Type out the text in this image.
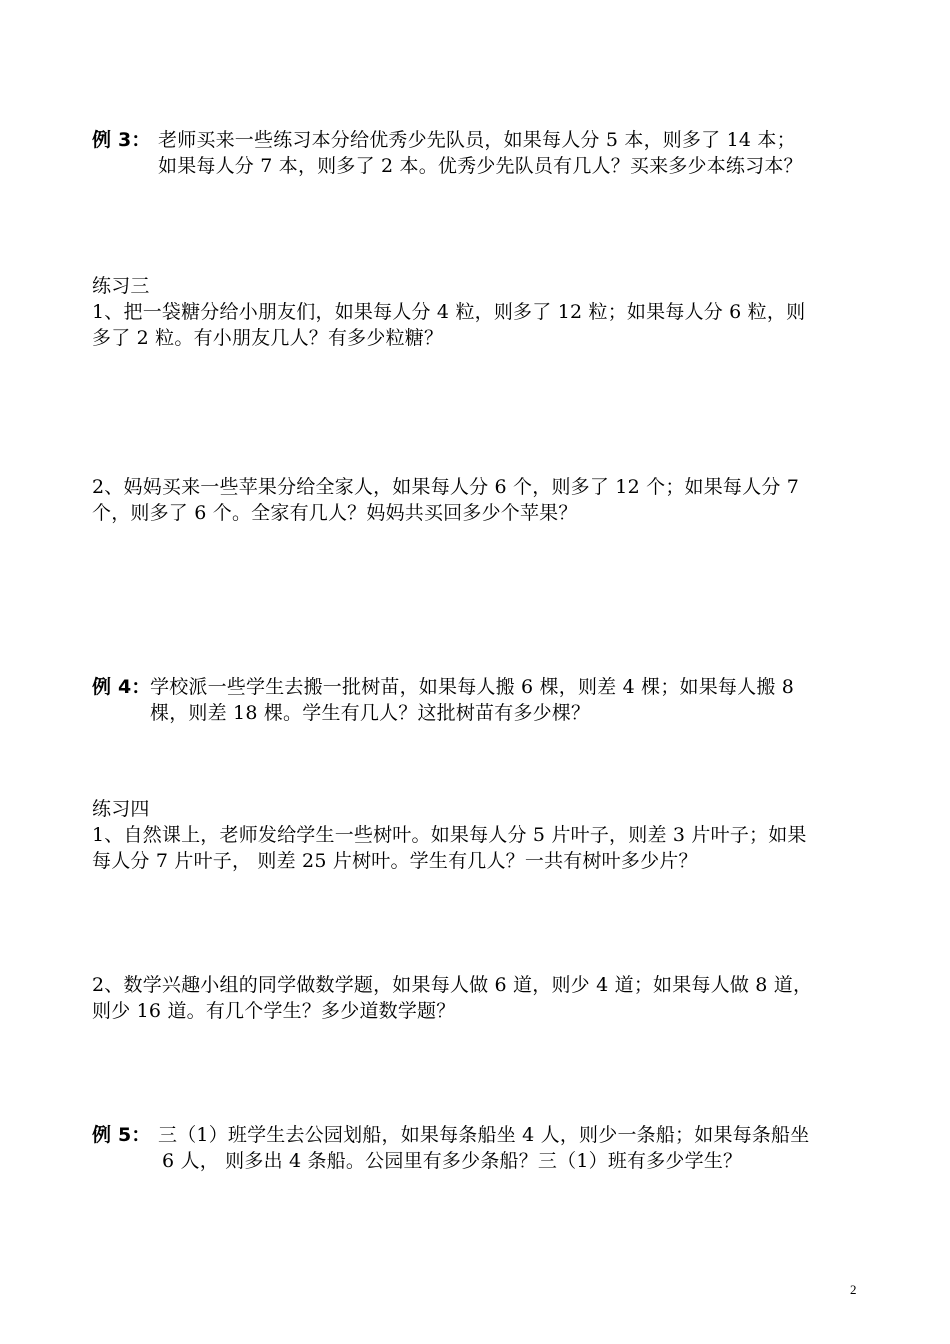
例 3： 老师买来一些练习本分给优秀少先队员，如果每人分 5 本，则多了 14 本；
如果每人分 7 本，则多了 2 本。优秀少先队员有几人？买来多少本练习本？
练习三
1、把一袋糖分给小朋友们，如果每人分 4 粒，则多了 12 粒；如果每人分 6 粒，则
多了 2 粒。有小朋友几人？有多少粒糖？
2、妈妈买来一些苹果分给全家人，如果每人分 6 个，则多了 12 个；如果每人分 7
个，则多了 6 个。全家有几人？妈妈共买回多少个苹果？
例 4： 学校派一些学生去搬一批树苗，如果每人搬 6 棵，则差 4 棵；如果每人搬 8
棵，则差 18 棵。学生有几人？这批树苗有多少棵？
练习四
1、自然课上，老师发给学生一些树叶。如果每人分 5 片叶子，则差 3 片叶子；如果
每人分 7 片叶子， 则差 25 片树叶。学生有几人？一共有树叶多少片？
2、数学兴趣小组的同学做数学题，如果每人做 6 道，则少 4 道；如果每人做 8 道，
则少 16 道。有几个学生？多少道数学题？
例 5： 三（1）班学生去公园划船，如果每条船坐 4 人，则少一条船；如果每条船坐
6 人， 则多出 4 条船。公园里有多少条船？三（1）班有多少学生？
2
